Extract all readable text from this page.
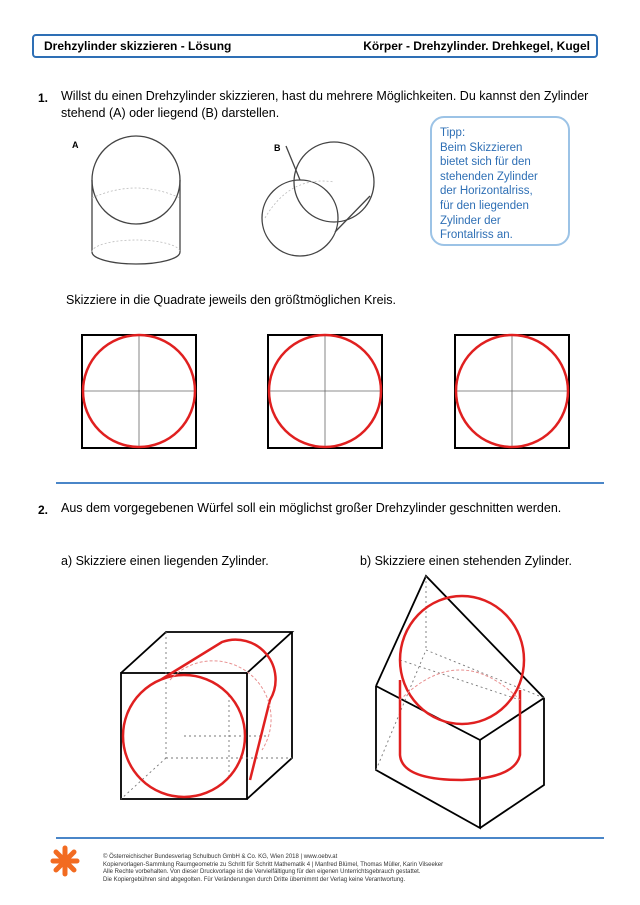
Drehzylinder skizzieren - Lösung	Körper - Drehzylinder. Drehkegel, Kugel
1. Willst du einen Drehzylinder skizzieren, hast du mehrere Möglichkeiten. Du kannst den Zylinder
stehend (A) oder liegend (B) darstellen.
Tipp:
Beim Skizzieren
bietet sich für den
stehenden Zylinder
der Horizontalriss,
für den liegenden
Zylinder der
Frontalriss an.
Skizziere in die Quadrate jeweils den größtmöglichen Kreis.
2. Aus dem vorgegebenen Würfel soll ein möglichst großer Drehzylinder geschnitten werden.
a) Skizziere einen liegenden Zylinder.	b) Skizziere einen stehenden Zylinder.
A	B
© Österreichischer Bundesverlag Schulbuch GmbH & Co. KG, Wien 2018 | www.oebv.at
Kopiervorlagen-Sammlung Raumgeometrie zu Schritt für Schritt Mathematik 4 | Manfred Blümel, Thomas Müller, Karin Vilseeker
Alle Rechte vorbehalten. Von dieser Druckvorlage ist die Vervielfältigung für den eigenen Unterrichtsgebrauch gestattet.
Die Kopiergebühren sind abgegolten. Für Veränderungen durch Dritte übernimmt der Verlag keine Verantwortung.
